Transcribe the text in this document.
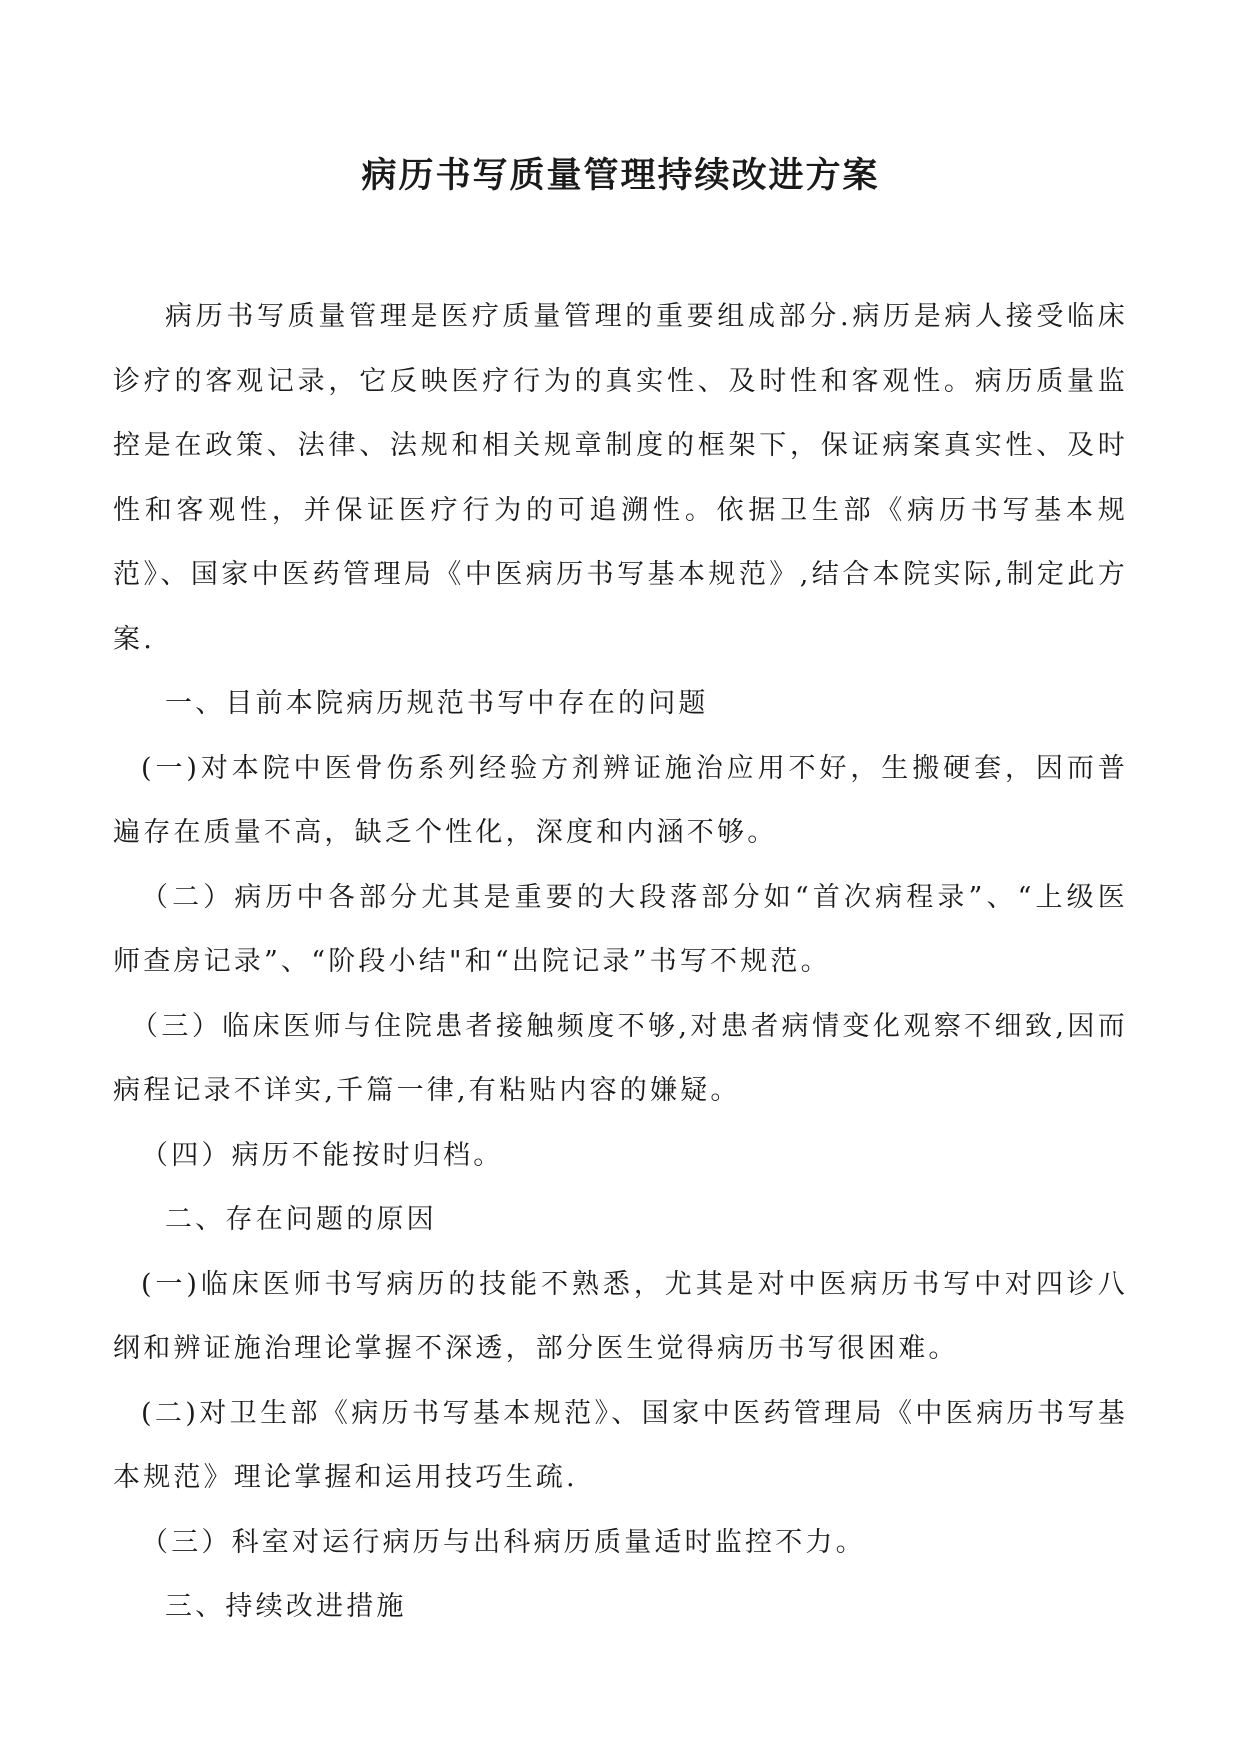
病历书写质量管理持续改进方案

病历书写质量管理是医疗质量管理的重要组成部分.病历是病人接受临床诊疗的客观记录，它反映医疗行为的真实性、及时性和客观性。病历质量监控是在政策、法律、法规和相关规章制度的框架下，保证病案真实性、及时性和客观性，并保证医疗行为的可追溯性。依据卫生部《病历书写基本规范》、国家中医药管理局《中医病历书写基本规范》,结合本院实际,制定此方案.

一、目前本院病历规范书写中存在的问题

(一)对本院中医骨伤系列经验方剂辨证施治应用不好，生搬硬套，因而普遍存在质量不高，缺乏个性化，深度和内涵不够。

（二）病历中各部分尤其是重要的大段落部分如“首次病程录”、“上级医师查房记录”、“阶段小结"和“出院记录”书写不规范。

（三）临床医师与住院患者接触频度不够,对患者病情变化观察不细致,因而病程记录不详实,千篇一律,有粘贴内容的嫌疑。

（四）病历不能按时归档。

二、存在问题的原因

(一)临床医师书写病历的技能不熟悉，尤其是对中医病历书写中对四诊八纲和辨证施治理论掌握不深透，部分医生觉得病历书写很困难。

(二)对卫生部《病历书写基本规范》、国家中医药管理局《中医病历书写基本规范》理论掌握和运用技巧生疏.

（三）科室对运行病历与出科病历质量适时监控不力。

三、持续改进措施
